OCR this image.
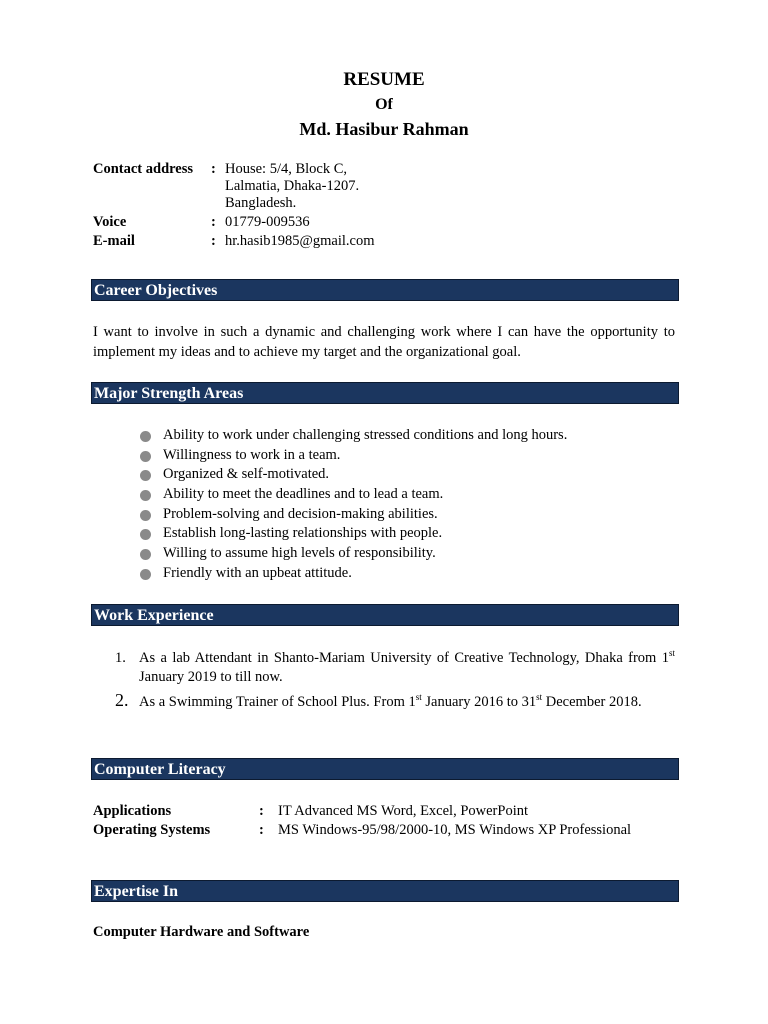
RESUME
Of
Md. Hasibur Rahman
Contact address : House: 5/4, Block C,
Lalmatia, Dhaka-1207.
Bangladesh.
Voice	: 01779-009536
E-mail	: hr.hasib1985@gmail.com
Career Objectives
I want to involve in such a dynamic and challenging work where I can have the opportunity to implement my ideas and to achieve my target and the organizational goal.
Major Strength Areas
Ability to work under challenging stressed conditions and long hours.
Willingness to work in a team.
Organized & self-motivated.
Ability to meet the deadlines and to lead a team.
Problem-solving and decision-making abilities.
Establish long-lasting relationships with people.
Willing to assume high levels of responsibility.
Friendly with an upbeat attitude.
Work Experience
1. As a lab Attendant in Shanto-Mariam University of Creative Technology, Dhaka from 1st January 2019 to till now.
2. As a Swimming Trainer of School Plus. From 1st January 2016 to 31st December 2018.
Computer Literacy
Applications	: IT Advanced MS Word, Excel, PowerPoint
Operating Systems	: MS Windows-95/98/2000-10, MS Windows XP Professional
Expertise In
Computer Hardware and Software
